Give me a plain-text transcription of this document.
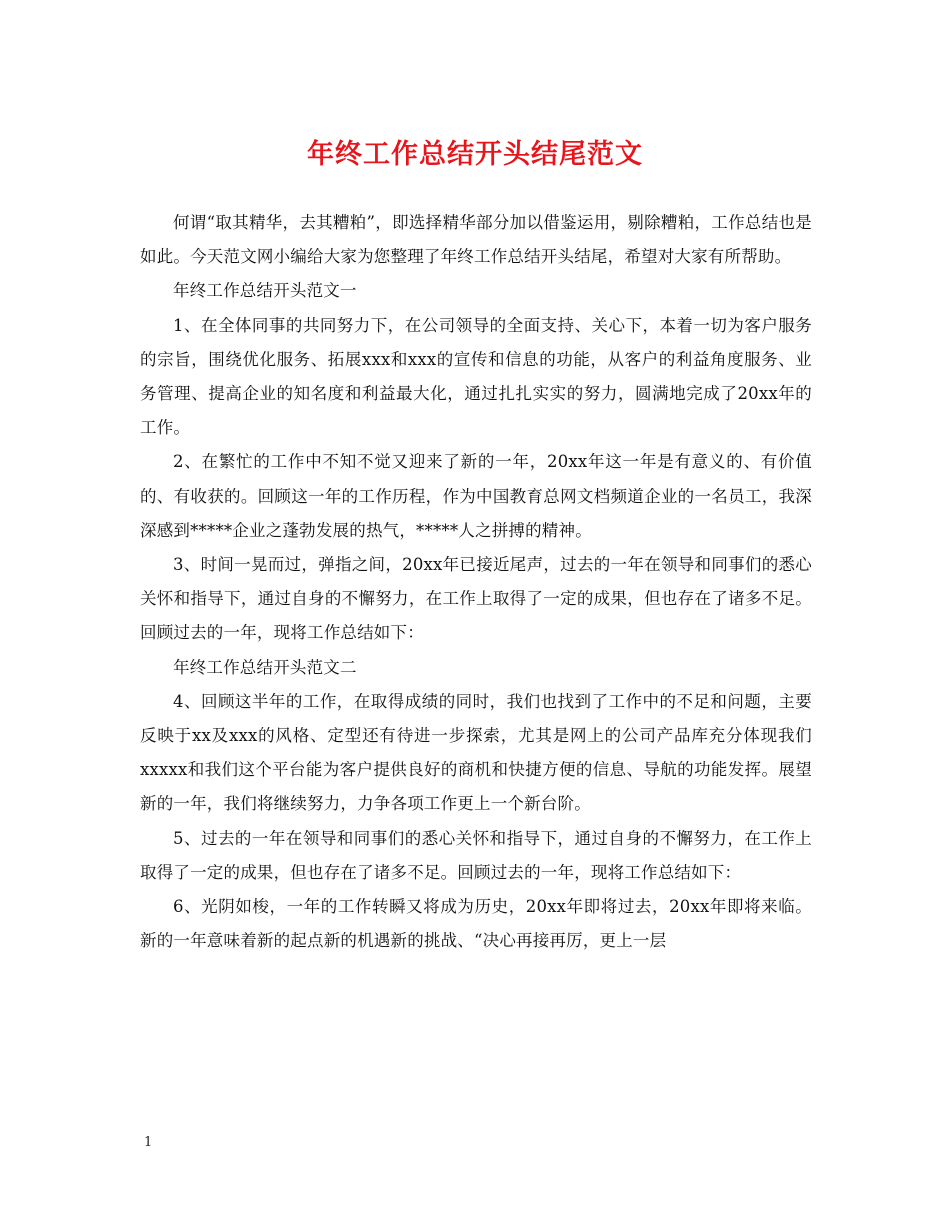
年终工作总结开头结尾范文

何谓“取其精华，去其糟粕”，即选择精华部分加以借鉴运用，剔除糟粕，工作总结也是如此。今天范文网小编给大家为您整理了年终工作总结开头结尾，希望对大家有所帮助。

年终工作总结开头范文一

1、在全体同事的共同努力下，在公司领导的全面支持、关心下，本着一切为客户服务的宗旨，围绕优化服务、拓展xxx和xxx的宣传和信息的功能，从客户的利益角度服务、业务管理、提高企业的知名度和利益最大化，通过扎扎实实的努力，圆满地完成了20xx年的工作。

2、在繁忙的工作中不知不觉又迎来了新的一年，20xx年这一年是有意义的、有价值的、有收获的。回顾这一年的工作历程，作为中国教育总网文档频道企业的一名员工，我深深感到*****企业之蓬勃发展的热气，*****人之拼搏的精神。

3、时间一晃而过，弹指之间，20xx年已接近尾声，过去的一年在领导和同事们的悉心关怀和指导下，通过自身的不懈努力，在工作上取得了一定的成果，但也存在了诸多不足。回顾过去的一年，现将工作总结如下：

年终工作总结开头范文二

4、回顾这半年的工作，在取得成绩的同时，我们也找到了工作中的不足和问题，主要反映于xx及xxx的风格、定型还有待进一步探索，尤其是网上的公司产品库充分体现我们xxxxx和我们这个平台能为客户提供良好的商机和快捷方便的信息、导航的功能发挥。展望新的一年，我们将继续努力，力争各项工作更上一个新台阶。

5、过去的一年在领导和同事们的悉心关怀和指导下，通过自身的不懈努力，在工作上取得了一定的成果，但也存在了诸多不足。回顾过去的一年，现将工作总结如下：

6、光阴如梭，一年的工作转瞬又将成为历史，20xx年即将过去，20xx年即将来临。新的一年意味着新的起点新的机遇新的挑战、“决心再接再厉，更上一层

1
